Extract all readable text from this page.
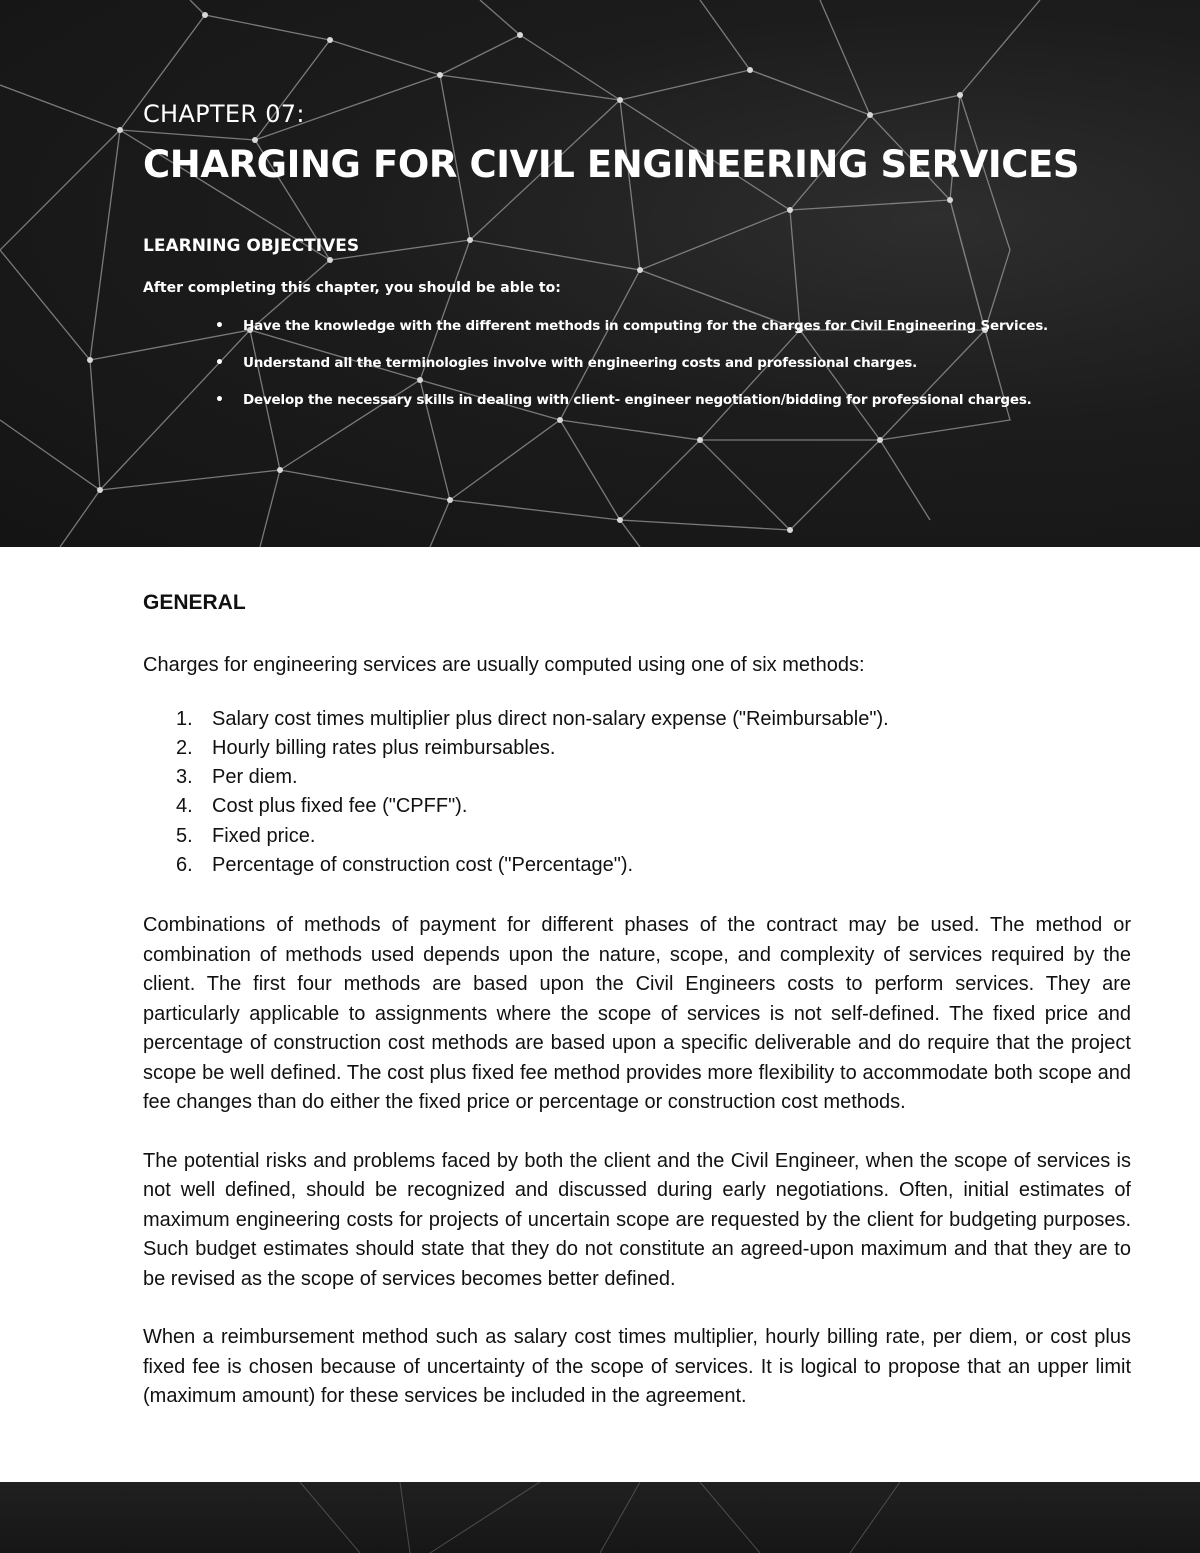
CHAPTER 07:
CHARGING FOR CIVIL ENGINEERING SERVICES
LEARNING OBJECTIVES
After completing this chapter, you should be able to:
• Have the knowledge with the different methods in computing for the charges for Civil Engineering Services.
• Understand all the terminologies involve with engineering costs and professional charges.
• Develop the necessary skills in dealing with client- engineer negotiation/bidding for professional charges.
GENERAL

Charges for engineering services are usually computed using one of six methods:

1. Salary cost times multiplier plus direct non-salary expense ("Reimbursable").
2. Hourly billing rates plus reimbursables.
3. Per diem.
4. Cost plus fixed fee ("CPFF").
5. Fixed price.
6. Percentage of construction cost ("Percentage").

Combinations of methods of payment for different phases of the contract may be used. The method or combination of methods used depends upon the nature, scope, and complexity of services required by the client. The first four methods are based upon the Civil Engineers costs to perform services. They are particularly applicable to assignments where the scope of services is not self-defined. The fixed price and percentage of construction cost methods are based upon a specific deliverable and do require that the project scope be well defined. The cost plus fixed fee method provides more flexibility to accommodate both scope and fee changes than do either the fixed price or percentage or construction cost methods.

The potential risks and problems faced by both the client and the Civil Engineer, when the scope of services is not well defined, should be recognized and discussed during early negotiations. Often, initial estimates of maximum engineering costs for projects of uncertain scope are requested by the client for budgeting purposes. Such budget estimates should state that they do not constitute an agreed-upon maximum and that they are to be revised as the scope of services becomes better defined.

When a reimbursement method such as salary cost times multiplier, hourly billing rate, per diem, or cost plus fixed fee is chosen because of uncertainty of the scope of services. It is logical to propose that an upper limit (maximum amount) for these services be included in the agreement.
